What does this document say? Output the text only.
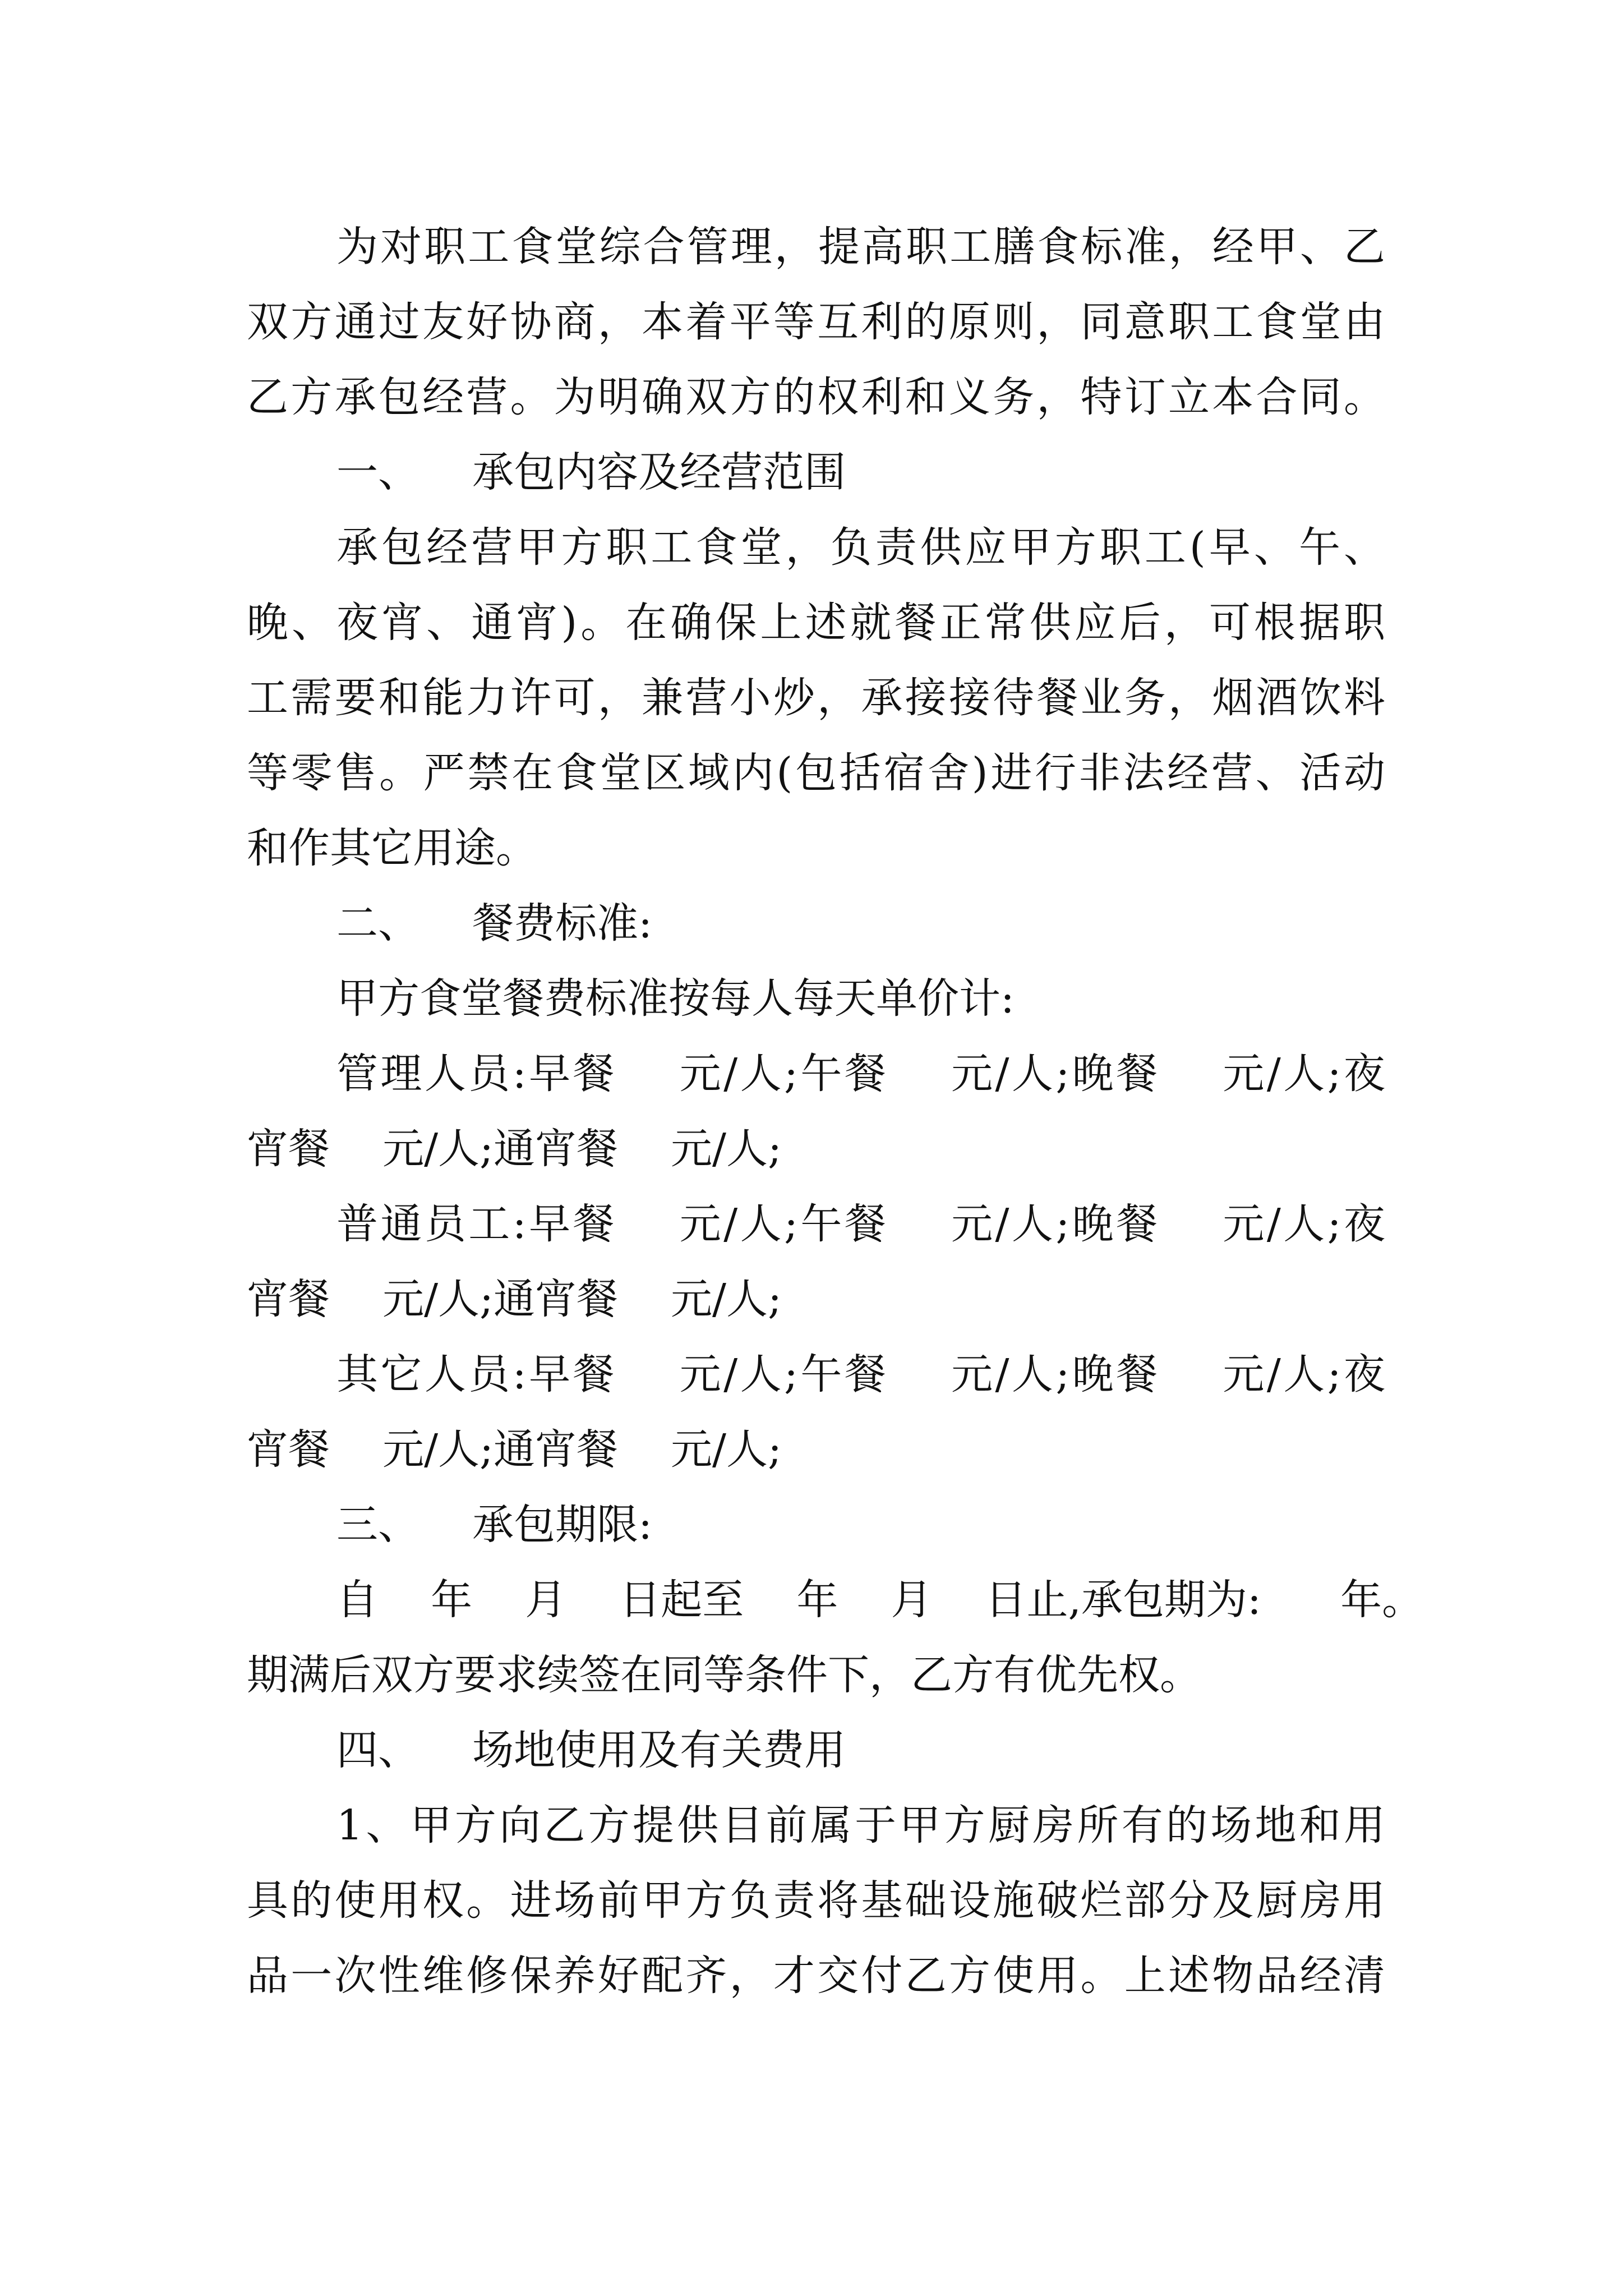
为对职工食堂综合管理，提高职工膳食标准，经甲、乙
双方通过友好协商，本着平等互利的原则，同意职工食堂由
乙方承包经营。为明确双方的权利和义务，特订立本合同。
一、    承包内容及经营范围
承包经营甲方职工食堂，负责供应甲方职工(早、午、
晚、夜宵、通宵)。在确保上述就餐正常供应后，可根据职
工需要和能力许可，兼营小炒，承接接待餐业务，烟酒饮料
等零售。严禁在食堂区域内(包括宿舍)进行非法经营、活动
和作其它用途。
二、    餐费标准:
甲方食堂餐费标准按每人每天单价计:
管理人员:早餐    元/人;午餐    元/人;晚餐    元/人;夜
宵餐    元/人;通宵餐    元/人;
普通员工:早餐    元/人;午餐    元/人;晚餐    元/人;夜
宵餐    元/人;通宵餐    元/人;
其它人员:早餐    元/人;午餐    元/人;晚餐    元/人;夜
宵餐    元/人;通宵餐    元/人;
三、    承包期限:
自    年    月    日起至    年    月    日止,承包期为:      年。
期满后双方要求续签在同等条件下，乙方有优先权。
四、    场地使用及有关费用
1、甲方向乙方提供目前属于甲方厨房所有的场地和用
具的使用权。进场前甲方负责将基础设施破烂部分及厨房用
品一次性维修保养好配齐，才交付乙方使用。上述物品经清
